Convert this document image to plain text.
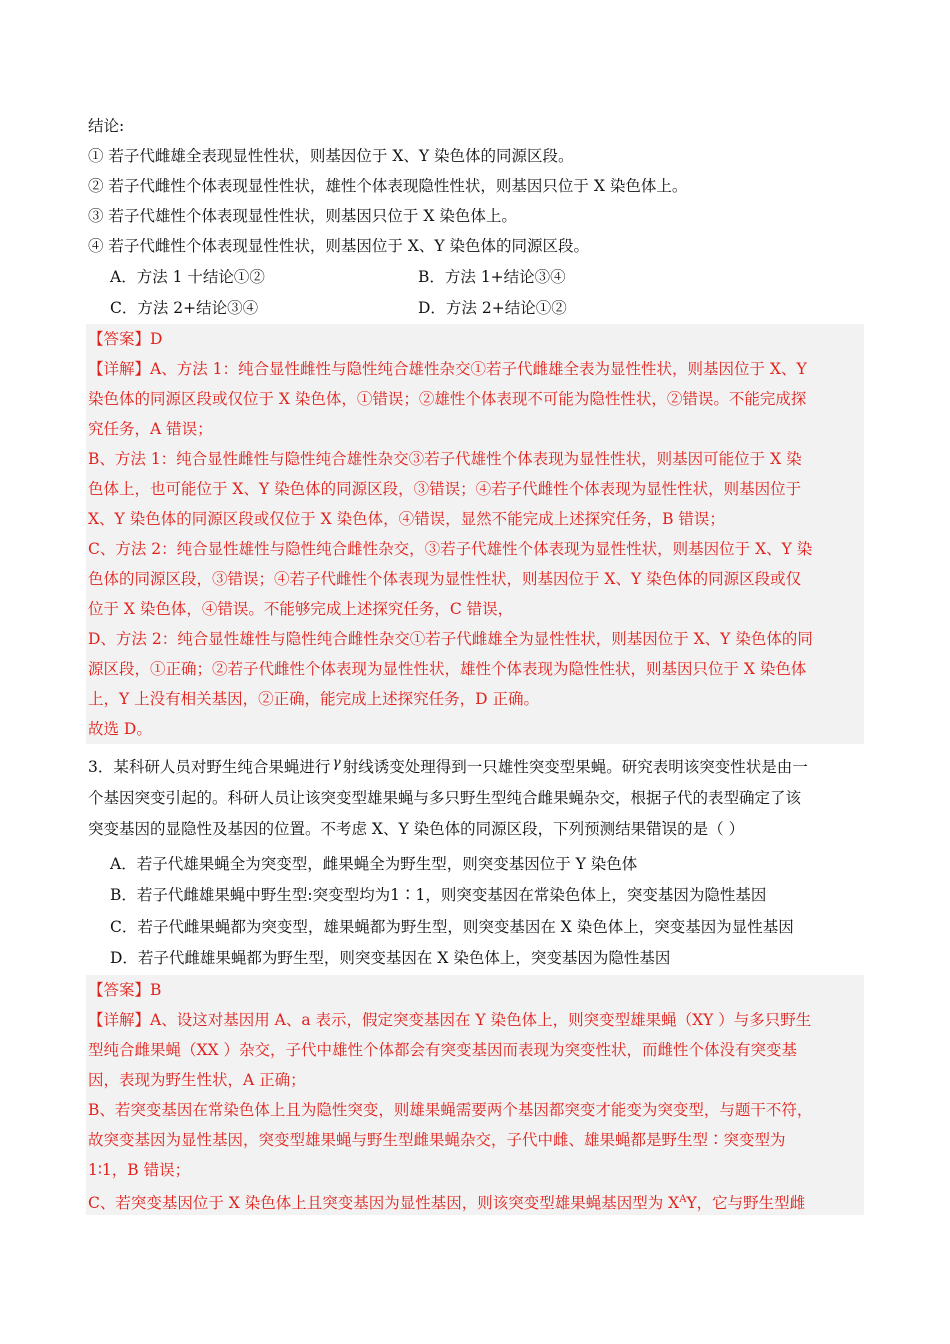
结论:
① 若子代雌雄全表现显性性状，则基因位于 X、Y 染色体的同源区段。
② 若子代雌性个体表现显性性状，雄性个体表现隐性性状，则基因只位于 X 染色体上。
③ 若子代雄性个体表现显性性状，则基因只位于 X 染色体上。
④ 若子代雌性个体表现显性性状，则基因位于 X、Y 染色体的同源区段。
A．方法 1 十结论①②	B．方法 1+结论③④
C．方法 2+结论③④	D．方法 2+结论①②
【答案】D
【详解】A、方法 1：纯合显性雌性与隐性纯合雄性杂交①若子代雌雄全表为显性性状，则基因位于 X、Y
染色体的同源区段或仅位于 X 染色体，①错误；②雄性个体表现不可能为隐性性状，②错误。不能完成探
究任务，A 错误；
B、方法 1：纯合显性雌性与隐性纯合雄性杂交③若子代雄性个体表现为显性性状，则基因可能位于 X 染
色体上，也可能位于 X、Y 染色体的同源区段，③错误；④若子代雌性个体表现为显性性状，则基因位于
X、Y 染色体的同源区段或仅位于 X 染色体，④错误，显然不能完成上述探究任务，B 错误；
C、方法 2：纯合显性雄性与隐性纯合雌性杂交，③若子代雄性个体表现为显性性状，则基因位于 X、Y 染
色体的同源区段，③错误；④若子代雌性个体表现为显性性状，则基因位于 X、Y 染色体的同源区段或仅
位于 X 染色体，④错误。不能够完成上述探究任务，C 错误，
D、方法 2：纯合显性雄性与隐性纯合雌性杂交①若子代雌雄全为显性性状，则基因位于 X、Y 染色体的同
源区段，①正确；②若子代雌性个体表现为显性性状，雄性个体表现为隐性性状，则基因只位于 X 染色体
上，Y 上没有相关基因，②正确，能完成上述探究任务，D 正确。
故选 D。
3．某科研人员对野生纯合果蝇进行 γ 射线诱变处理得到一只雄性突变型果蝇。研究表明该突变性状是由一
个基因突变引起的。科研人员让该突变型雄果蝇与多只野生型纯合雌果蝇杂交，根据子代的表型确定了该
突变基因的显隐性及基因的位置。不考虑 X、Y 染色体的同源区段，下列预测结果错误 · ·的是（ ）
A．若子代雄果蝇全为突变型，雌果蝇全为野生型，则突变基因位于 Y 染色体
B．若子代雌雄果蝇中野生型:突变型均为1∶1，则突变基因在常染色体上，突变基因为隐性基因
C．若子代雌果蝇都为突变型，雄果蝇都为野生型，则突变基因在 X 染色体上，突变基因为显性基因
D．若子代雌雄果蝇都为野生型，则突变基因在 X 染色体上，突变基因为隐性基因
【答案】B
【详解】A、设这对基因用 A、a 表示，假定突变基因在 Y 染色体上，则突变型雄果蝇（XY ）与多只野生
型纯合雌果蝇（XX ）杂交，子代中雄性个体都会有突变基因而表现为突变性状，而雌性个体没有突变基
因，表现为野生性状，A 正确；
B、若突变基因在常染色体上且为隐性突变，则雄果蝇需要两个基因都突变才能变为突变型，与题干不符，
故突变基因为显性基因，突变型雄果蝇与野生型雌果蝇杂交，子代中雌、雄果蝇都是野生型∶突变型为
1∶1，B 错误；
C、若突变基因位于 X 染色体上且突变基因为显性基因，则该突变型雄果蝇基因型为 $X^AY$，它与野生型雌
